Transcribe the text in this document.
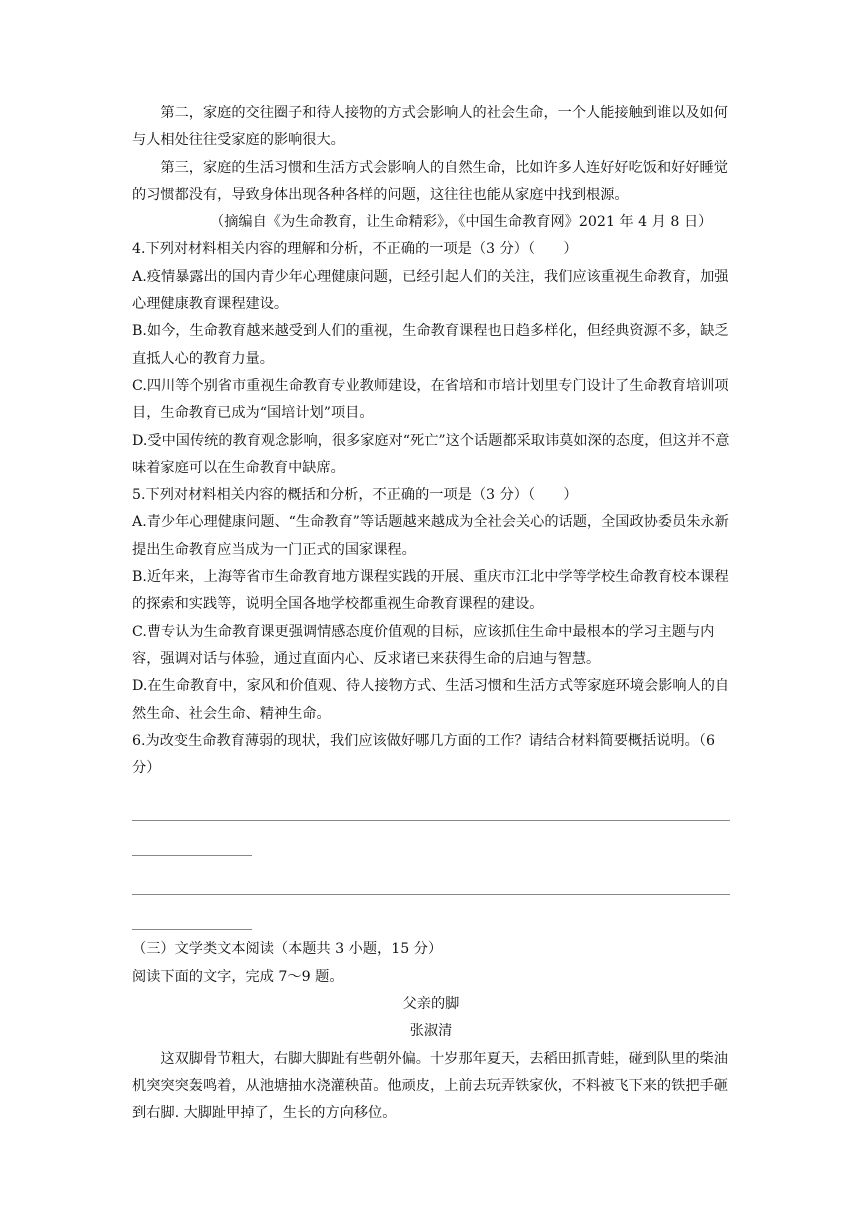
第二，家庭的交往圈子和待人接物的方式会影响人的社会生命，一个人能接触到谁以及如何与人相处往往受家庭的影响很大。

第三，家庭的生活习惯和生活方式会影响人的自然生命，比如许多人连好好吃饭和好好睡觉的习惯都没有，导致身体出现各种各样的问题，这往往也能从家庭中找到根源。

（摘编自《为生命教育，让生命精彩》，《中国生命教育网》2021 年 4 月 8 日）

4.下列对材料相关内容的理解和分析，不正确的一项是（3 分）（　　）

A.疫情暴露出的国内青少年心理健康问题，已经引起人们的关注，我们应该重视生命教育，加强心理健康教育课程建设。

B.如今，生命教育越来越受到人们的重视，生命教育课程也日趋多样化，但经典资源不多，缺乏直抵人心的教育力量。

C.四川等个别省市重视生命教育专业教师建设，在省培和市培计划里专门设计了生命教育培训项目，生命教育已成为“国培计划”项目。

D.受中国传统的教育观念影响，很多家庭对“死亡”这个话题都采取讳莫如深的态度，但这并不意味着家庭可以在生命教育中缺席。

5.下列对材料相关内容的概括和分析，不正确的一项是（3 分）（　　）

A.青少年心理健康问题、“生命教育”等话题越来越成为全社会关心的话题，全国政协委员朱永新提出生命教育应当成为一门正式的国家课程。

B.近年来，上海等省市生命教育地方课程实践的开展、重庆市江北中学等学校生命教育校本课程的探索和实践等，说明全国各地学校都重视生命教育课程的建设。

C.曹专认为生命教育课更强调情感态度价值观的目标，应该抓住生命中最根本的学习主题与内容，强调对话与体验，通过直面内心、反求诸已来获得生命的启迪与智慧。

D.在生命教育中，家风和价值观、待人接物方式、生活习惯和生活方式等家庭环境会影响人的自然生命、社会生命、精神生命。

6.为改变生命教育薄弱的现状，我们应该做好哪几方面的工作？请结合材料简要概括说明。（6 分）

（三）文学类文本阅读（本题共 3 小题，15 分）

阅读下面的文字，完成 7～9 题。

父亲的脚

张淑清

这双脚骨节粗大，右脚大脚趾有些朝外偏。十岁那年夏天，去稻田抓青蛙，碰到队里的柴油机突突突轰鸣着，从池塘抽水浇灌秧苗。他顽皮，上前去玩弄铁家伙，不料被飞下来的铁把手砸到右脚. 大脚趾甲掉了，生长的方向移位。
